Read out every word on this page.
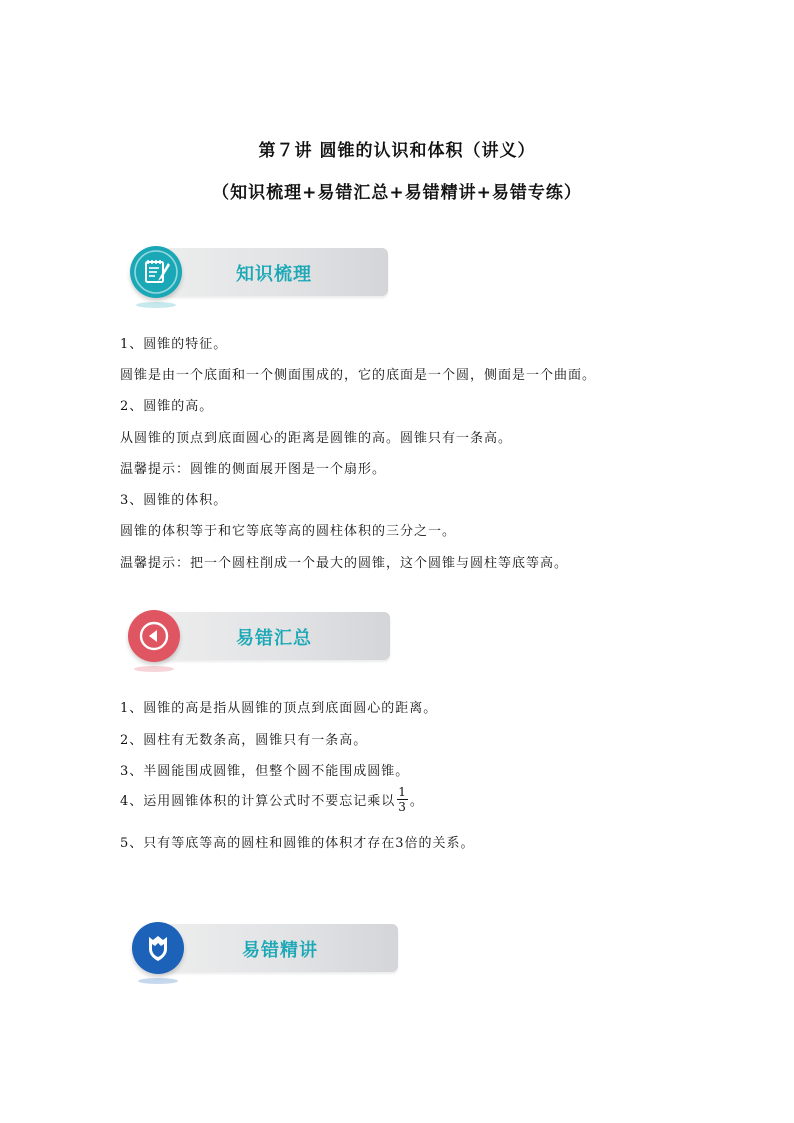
第７讲 圆锥的认识和体积（讲义）
（知识梳理+易错汇总+易错精讲+易错专练）
知识梳理
1、圆锥的特征。
圆锥是由一个底面和一个侧面围成的，它的底面是一个圆，侧面是一个曲面。
2、圆锥的高。
从圆锥的顶点到底面圆心的距离是圆锥的高。圆锥只有一条高。
温馨提示：圆锥的侧面展开图是一个扇形。
3、圆锥的体积。
圆锥的体积等于和它等底等高的圆柱体积的三分之一。
温馨提示：把一个圆柱削成一个最大的圆锥，这个圆锥与圆柱等底等高。
易错汇总
1、圆锥的高是指从圆锥的顶点到底面圆心的距离。
2、圆柱有无数条高，圆锥只有一条高。
3、半圆能围成圆锥，但整个圆不能围成圆锥。
4、运用圆锥体积的计算公式时不要忘记乘以 $\frac{1}{3}$ 。
5、只有等底等高的圆柱和圆锥的体积才存在3倍的关系。
易错精讲
